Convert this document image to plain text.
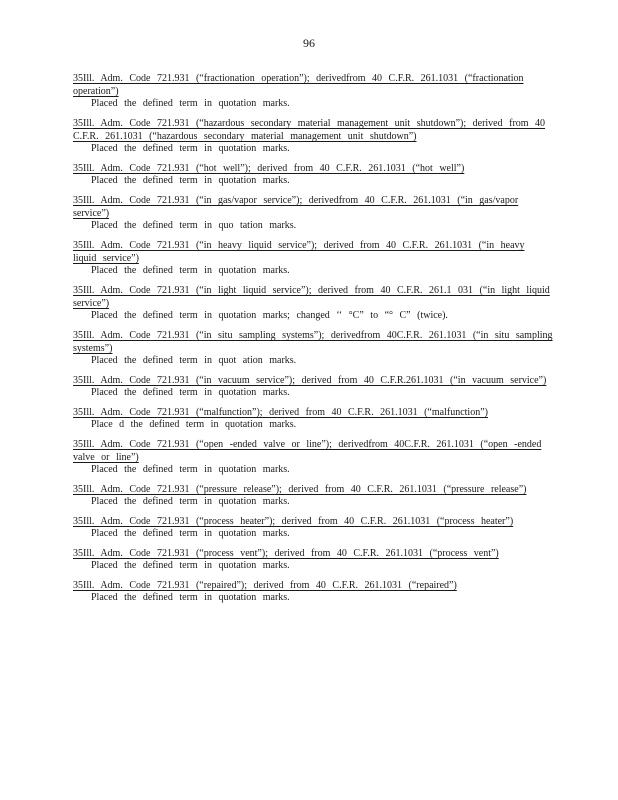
96
35Ill. Adm. Code 721.931 (“fractionation operation”); derivedfrom 40 C.F.R. 261.1031 (“fractionation operation”)
Placed the defined term in quotation marks.
35Ill. Adm. Code 721.931 (“hazardous secondary material management unit shutdown”); derived from 40 C.F.R. 261.1031 (“hazardous secondary material management unit shutdown”)
Placed the defined term in quotation marks.
35Ill. Adm. Code 721.931 (“hot well”); derived from 40 C.F.R. 261.1031 (“hot well”)
Placed the defined term in quotation marks.
35Ill. Adm. Code 721.931 (“in gas/vapor service”); derivedfrom 40 C.F.R. 261.1031 (“in gas/vapor service”)
Placed the defined term in quo tation marks.
35Ill. Adm. Code 721.931 (“in heavy liquid service”); derived from 40 C.F.R. 261.1031 (“in heavy liquid service”)
Placed the defined term in quotation marks.
35Ill. Adm. Code 721.931 (“in light liquid service”); derived from 40 C.F.R. 261.1 031 (“in light liquid service”)
Placed the defined term in quotation marks; changed ‘‘ °C” to “° C” (twice).
35Ill. Adm. Code 721.931 (“in situ sampling systems”); derivedfrom 40C.F.R. 261.1031 (“in situ sampling systems”)
Placed the defined term in quot ation marks.
35Ill. Adm. Code 721.931 (“in vacuum service”); derived from 40 C.F.R.261.1031 (“in vacuum service”)
Placed the defined term in quotation marks.
35Ill. Adm. Code 721.931 (“malfunction”); derived from 40 C.F.R. 261.1031 (“malfunction”)
Place d the defined term in quotation marks.
35Ill. Adm. Code 721.931 (“open -ended valve or line”); derivedfrom 40C.F.R. 261.1031 (“open -ended valve or line”)
Placed the defined term in quotation marks.
35Ill. Adm. Code 721.931 (“pressure release”); derived from 40 C.F.R. 261.1031 (“pressure release”)
Placed the defined term in quotation marks.
35Ill. Adm. Code 721.931 (“process heater”); derived from 40 C.F.R. 261.1031 (“process heater”)
Placed the defined term in quotation marks.
35Ill. Adm. Code 721.931 (“process vent”); derived from 40 C.F.R. 261.1031 (“process vent”)
Placed the defined term in quotation marks.
35Ill. Adm. Code 721.931 (“repaired”); derived from 40 C.F.R. 261.1031 (“repaired”)
Placed the defined term in quotation marks.
